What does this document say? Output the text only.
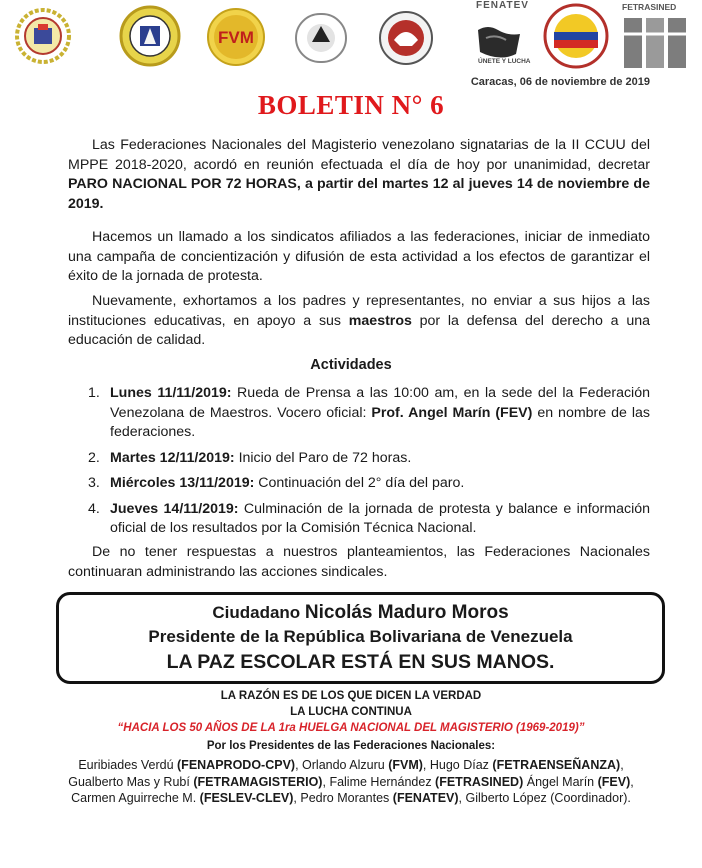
FVM
FENATEV
ÚNETE Y LUCHA
FETRASINED
Caracas, 06 de noviembre de 2019
BOLETIN N° 6
Las Federaciones Nacionales del Magisterio venezolano signatarias de la II CCUU del MPPE 2018-2020, acordó en reunión efectuada el día de hoy por unanimidad, decretar PARO NACIONAL POR 72 HORAS, a partir del martes 12 al jueves 14 de noviembre de 2019.
Hacemos un llamado a los sindicatos afiliados a las federaciones, iniciar de inmediato una campaña de concientización y difusión de esta actividad a los efectos de garantizar el éxito de la jornada de protesta.
Nuevamente, exhortamos a los padres y representantes, no enviar a sus hijos a las instituciones educativas, en apoyo a sus maestros por la defensa del derecho a una educación de calidad.
Actividades
1. Lunes 11/11/2019: Rueda de Prensa a las 10:00 am, en la sede del la Federación Venezolana de Maestros. Vocero oficial: Prof. Angel Marín (FEV) en nombre de las federaciones.
2. Martes 12/11/2019: Inicio del Paro de 72 horas.
3. Miércoles 13/11/2019: Continuación del 2° día del paro.
4. Jueves 14/11/2019: Culminación de la jornada de protesta y balance e información oficial de los resultados por la Comisión Técnica Nacional.
De no tener respuestas a nuestros planteamientos, las Federaciones Nacionales continuaran administrando las acciones sindicales.
Ciudadano Nicolás Maduro Moros
Presidente de la República Bolivariana de Venezuela
LA PAZ ESCOLAR ESTÁ EN SUS MANOS.
LA RAZÓN ES DE LOS QUE DICEN LA VERDAD
LA LUCHA CONTINUA
“HACIA LOS 50 AÑOS DE LA 1ra HUELGA NACIONAL DEL MAGISTERIO (1969-2019)”
Por los Presidentes de las Federaciones Nacionales:
Euribiades Verdú (FENAPRODO-CPV), Orlando Alzuru (FVM), Hugo Díaz (FETRAENSEÑANZA), Gualberto Mas y Rubí (FETRAMAGISTERIO), Falime Hernández (FETRASINED) Ángel Marín (FEV), Carmen Aguirreche M. (FESLEV-CLEV), Pedro Morantes (FENATEV), Gilberto López (Coordinador).
